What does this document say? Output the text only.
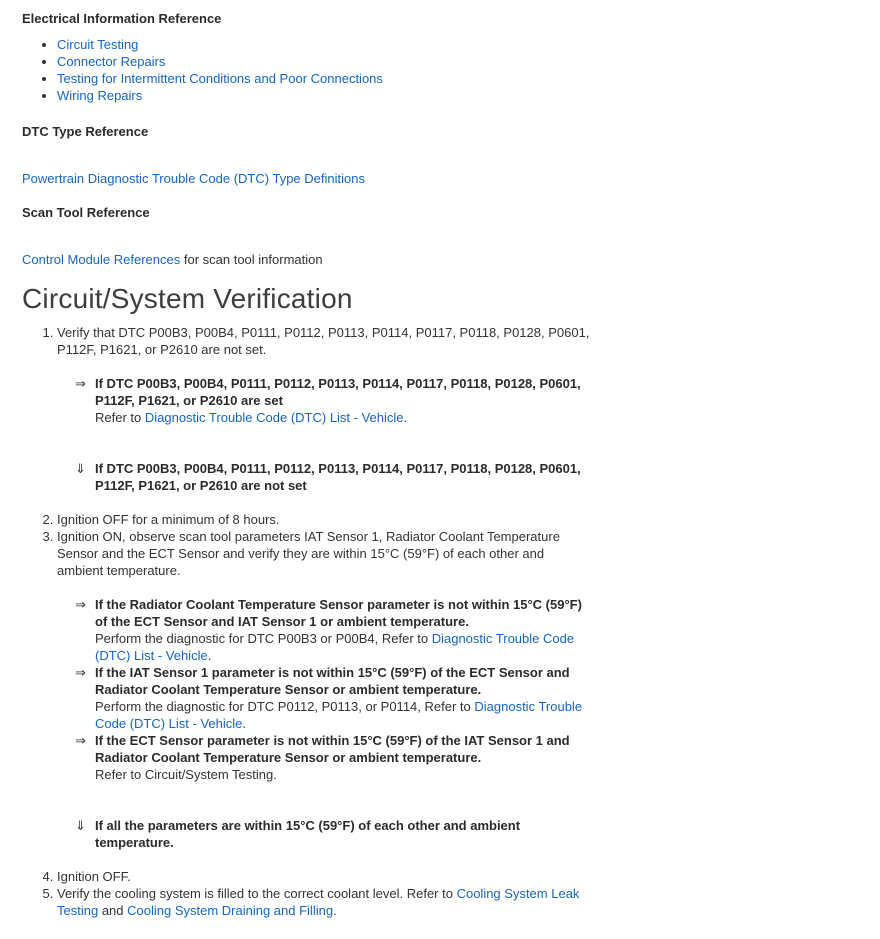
Electrical Information Reference
• Circuit Testing
• Connector Repairs
• Testing for Intermittent Conditions and Poor Connections
• Wiring Repairs
DTC Type Reference

Powertrain Diagnostic Trouble Code (DTC) Type Definitions

Scan Tool Reference

Control Module References for scan tool information

Circuit/System Verification
1. Verify that DTC P00B3, P00B4, P0111, P0112, P0113, P0114, P0117, P0118, P0128, P0601, P112F, P1621, or P2610 are not set.
⇒ If DTC P00B3, P00B4, P0111, P0112, P0113, P0114, P0117, P0118, P0128, P0601, P112F, P1621, or P2610 are set
Refer to Diagnostic Trouble Code (DTC) List - Vehicle.
⇓ If DTC P00B3, P00B4, P0111, P0112, P0113, P0114, P0117, P0118, P0128, P0601, P112F, P1621, or P2610 are not set
2. Ignition OFF for a minimum of 8 hours.
3. Ignition ON, observe scan tool parameters IAT Sensor 1, Radiator Coolant Temperature Sensor and the ECT Sensor and verify they are within 15°C (59°F) of each other and ambient temperature.
⇒ If the Radiator Coolant Temperature Sensor parameter is not within 15°C (59°F) of the ECT Sensor and IAT Sensor 1 or ambient temperature.
Perform the diagnostic for DTC P00B3 or P00B4, Refer to Diagnostic Trouble Code (DTC) List - Vehicle.
⇒ If the IAT Sensor 1 parameter is not within 15°C (59°F) of the ECT Sensor and Radiator Coolant Temperature Sensor or ambient temperature.
Perform the diagnostic for DTC P0112, P0113, or P0114, Refer to Diagnostic Trouble Code (DTC) List - Vehicle.
⇒ If the ECT Sensor parameter is not within 15°C (59°F) of the IAT Sensor 1 and Radiator Coolant Temperature Sensor or ambient temperature.
Refer to Circuit/System Testing.
⇓ If all the parameters are within 15°C (59°F) of each other and ambient temperature.
4. Ignition OFF.
5. Verify the cooling system is filled to the correct coolant level. Refer to Cooling System Leak Testing and Cooling System Draining and Filling.
